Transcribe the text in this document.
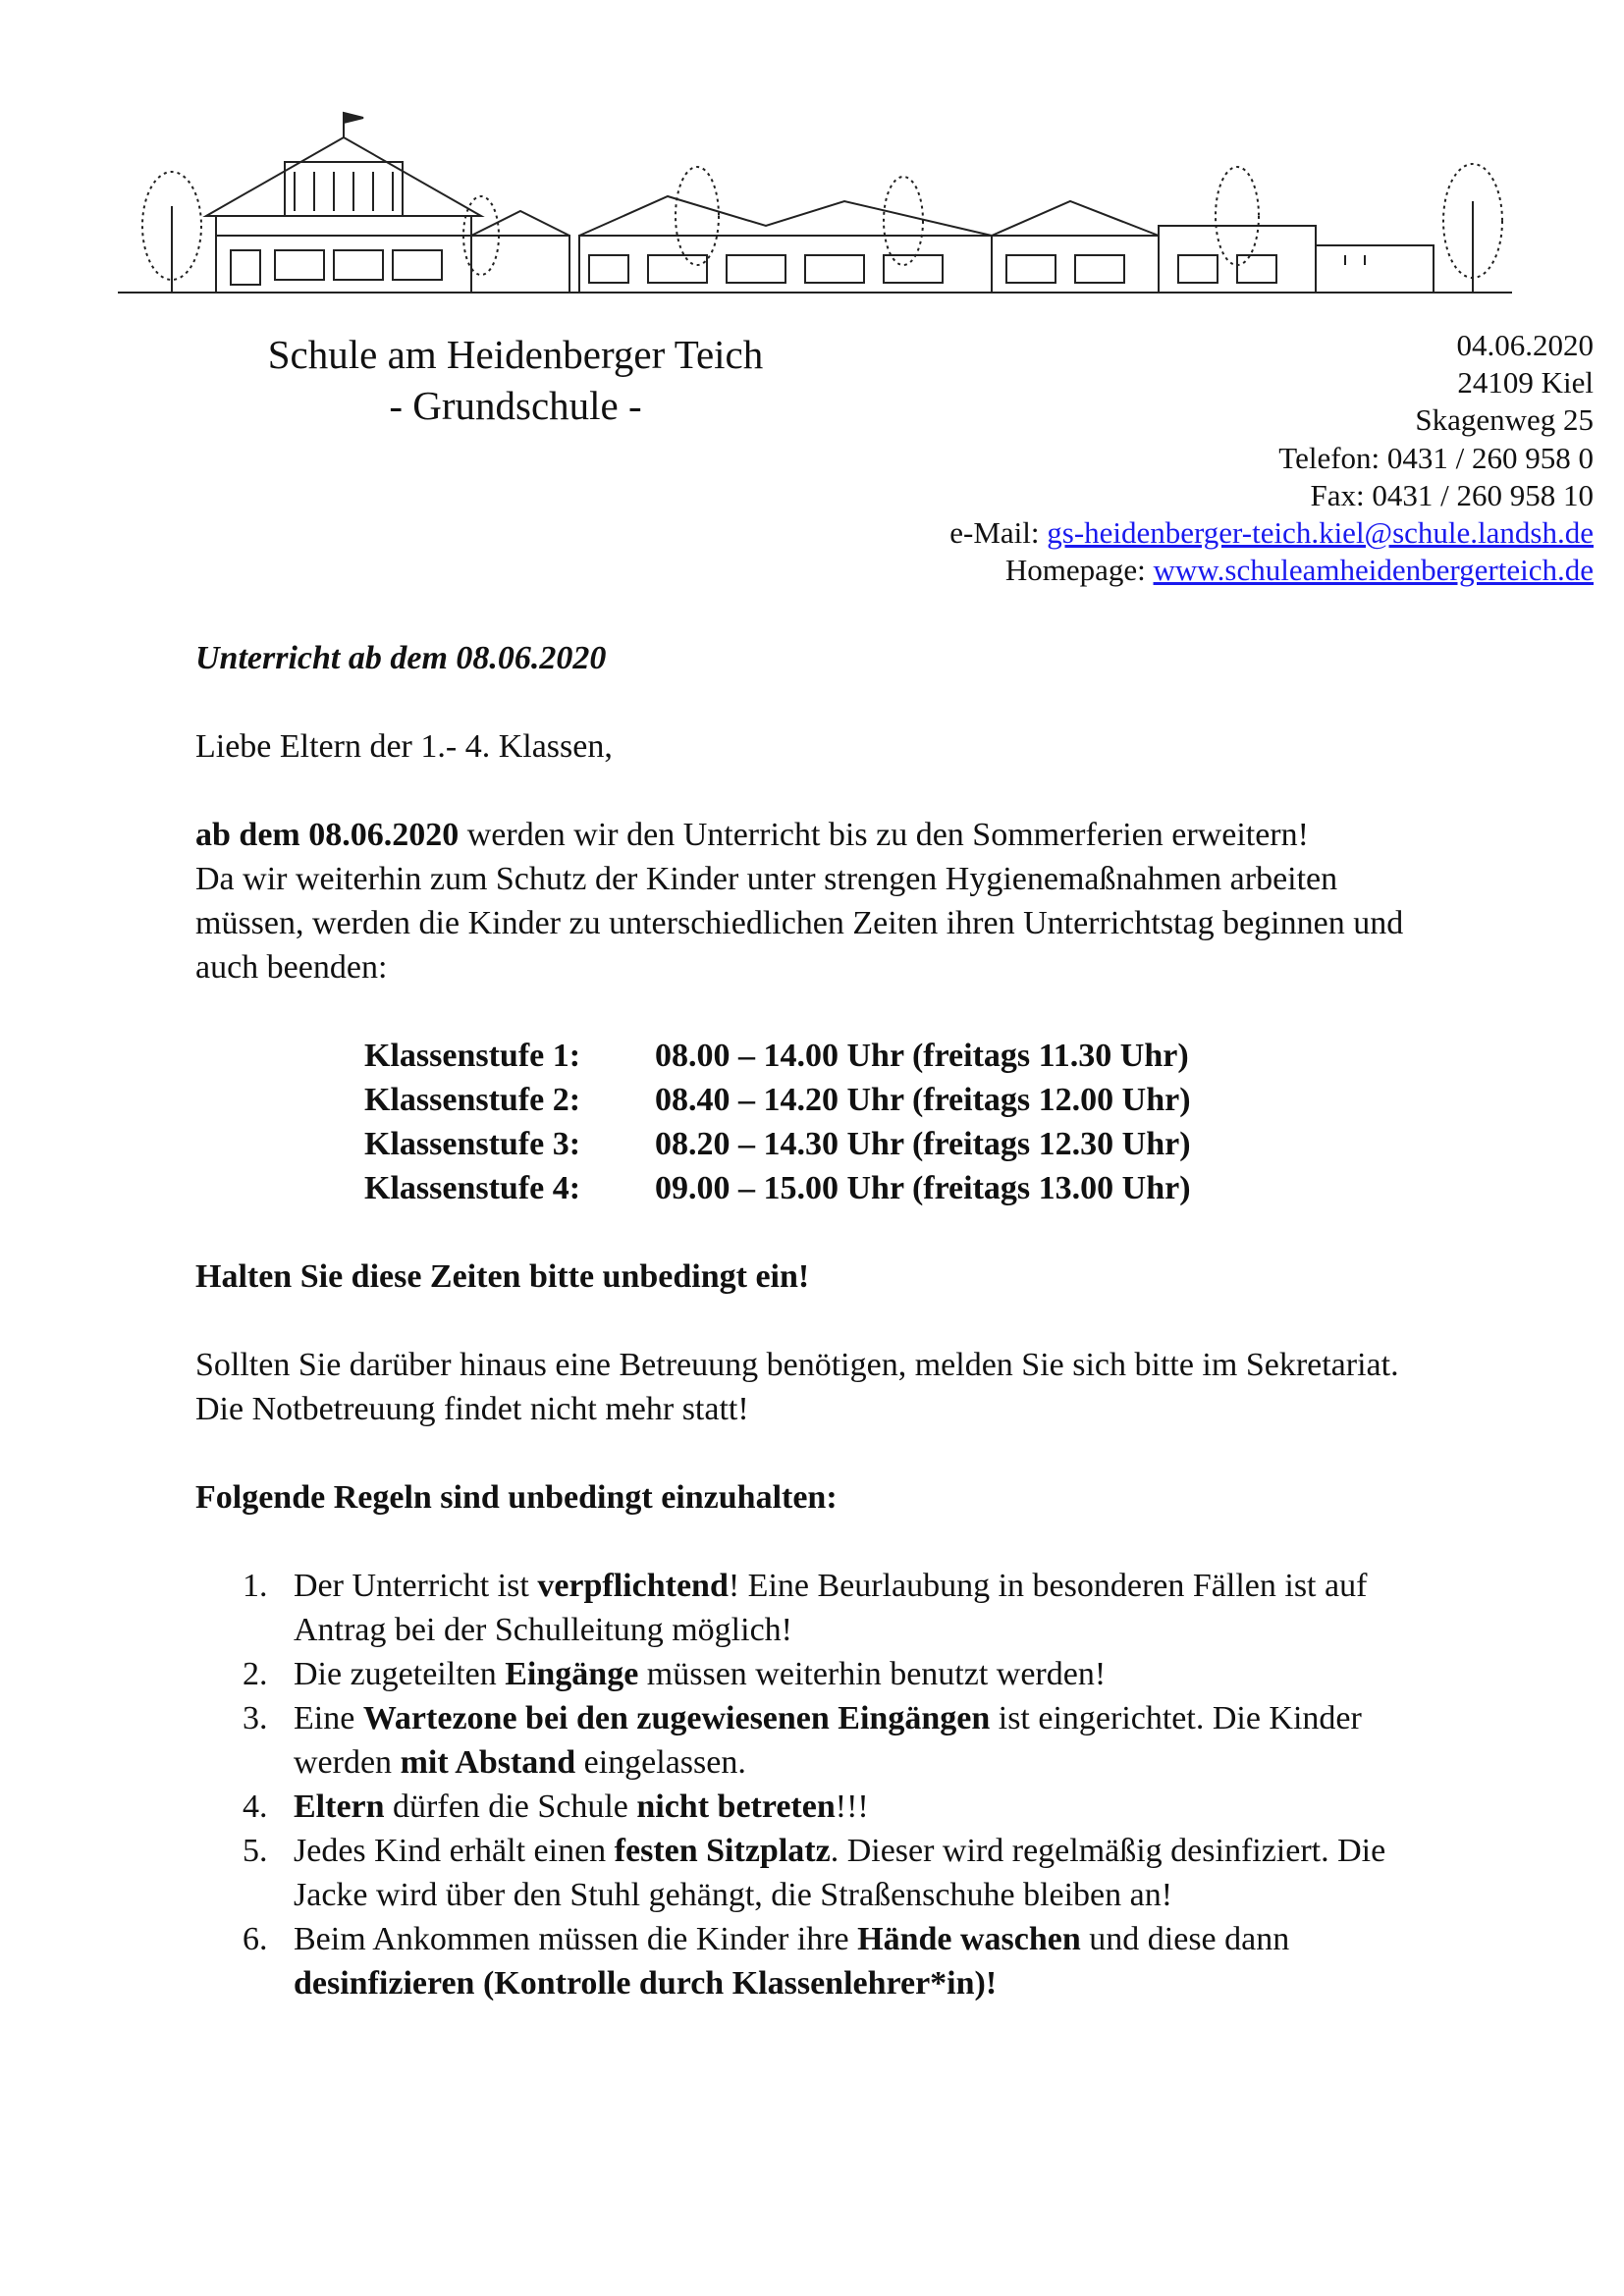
Schule am Heidenberger Teich
- Grundschule -
04.06.2020
24109 Kiel
Skagenweg 25
Telefon: 0431 / 260 958 0
Fax: 0431 / 260 958 10
e-Mail: gs-heidenberger-teich.kiel@schule.landsh.de
Homepage: www.schuleamheidenbergerteich.de

Unterricht ab dem 08.06.2020

Liebe Eltern der 1.- 4. Klassen,

ab dem 08.06.2020 werden wir den Unterricht bis zu den Sommerferien erweitern!

Da wir weiterhin zum Schutz der Kinder unter strengen Hygienemaßnahmen arbeiten müssen, werden die Kinder zu unterschiedlichen Zeiten ihren Unterrichtstag beginnen und auch beenden:

Klassenstufe 1:	08.00 – 14.00 Uhr (freitags 11.30 Uhr)
Klassenstufe 2:	08.40 – 14.20 Uhr (freitags 12.00 Uhr)
Klassenstufe 3:	08.20 – 14.30 Uhr (freitags 12.30 Uhr)
Klassenstufe 4:	09.00 – 15.00 Uhr (freitags 13.00 Uhr)

Halten Sie diese Zeiten bitte unbedingt ein!

Sollten Sie darüber hinaus eine Betreuung benötigen, melden Sie sich bitte im Sekretariat. Die Notbetreuung findet nicht mehr statt!

Folgende Regeln sind unbedingt einzuhalten:

1. Der Unterricht ist verpflichtend! Eine Beurlaubung in besonderen Fällen ist auf Antrag bei der Schulleitung möglich!
2. Die zugeteilten Eingänge müssen weiterhin benutzt werden!
3. Eine Wartezone bei den zugewiesenen Eingängen ist eingerichtet. Die Kinder werden mit Abstand eingelassen.
4. Eltern dürfen die Schule nicht betreten!!!
5. Jedes Kind erhält einen festen Sitzplatz. Dieser wird regelmäßig desinfiziert. Die Jacke wird über den Stuhl gehängt, die Straßenschuhe bleiben an!
6. Beim Ankommen müssen die Kinder ihre Hände waschen und diese dann desinfizieren (Kontrolle durch Klassenlehrer*in)!
